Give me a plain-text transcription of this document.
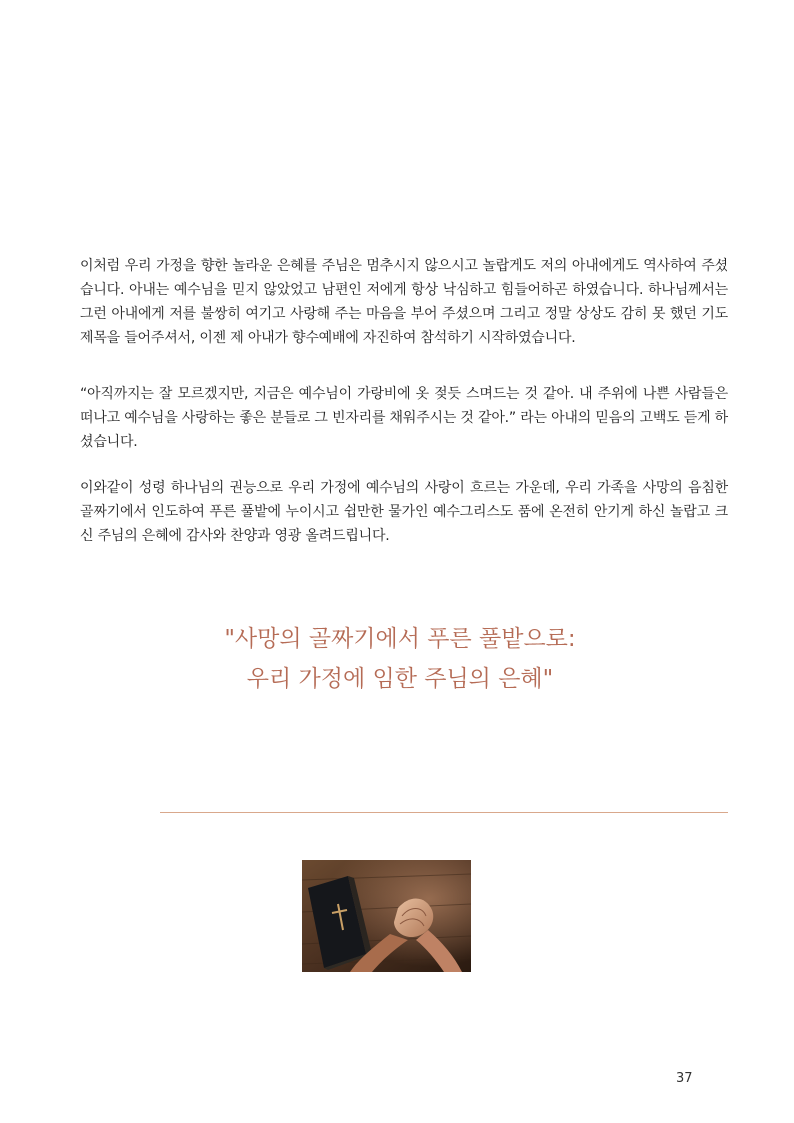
이처럼 우리 가정을 향한 놀라운 은혜를 주님은 멈추시지 않으시고 놀랍게도 저의 아내에게도 역사하여 주셨습니다. 아내는 예수님을 믿지 않았었고 남편인 저에게 항상 낙심하고 힘들어하곤 하였습니다. 하나님께서는 그런 아내에게 저를 불쌍히 여기고 사랑해 주는 마음을 부어 주셨으며 그리고 정말 상상도 감히 못 했던 기도 제목을 들어주셔서, 이젠 제 아내가 향수예배에 자진하여 참석하기 시작하였습니다.

“아직까지는 잘 모르겠지만, 지금은 예수님이 가랑비에 옷 젖듯 스며드는 것 같아. 내 주위에 나쁜 사람들은 떠나고 예수님을 사랑하는 좋은 분들로 그 빈자리를 채워주시는 것 같아.” 라는 아내의 믿음의 고백도 듣게 하셨습니다.

이와같이 성령 하나님의 권능으로 우리 가정에 예수님의 사랑이 흐르는 가운데, 우리 가족을 사망의 음침한 골짜기에서 인도하여 푸른 풀밭에 누이시고 쉽만한 물가인 예수그리스도 품에 온전히 안기게 하신 놀랍고 크신 주님의 은혜에 감사와 찬양과 영광 올려드립니다.

"사망의 골짜기에서 푸른 풀밭으로:
우리 가정에 임한 주님의 은혜"
37
